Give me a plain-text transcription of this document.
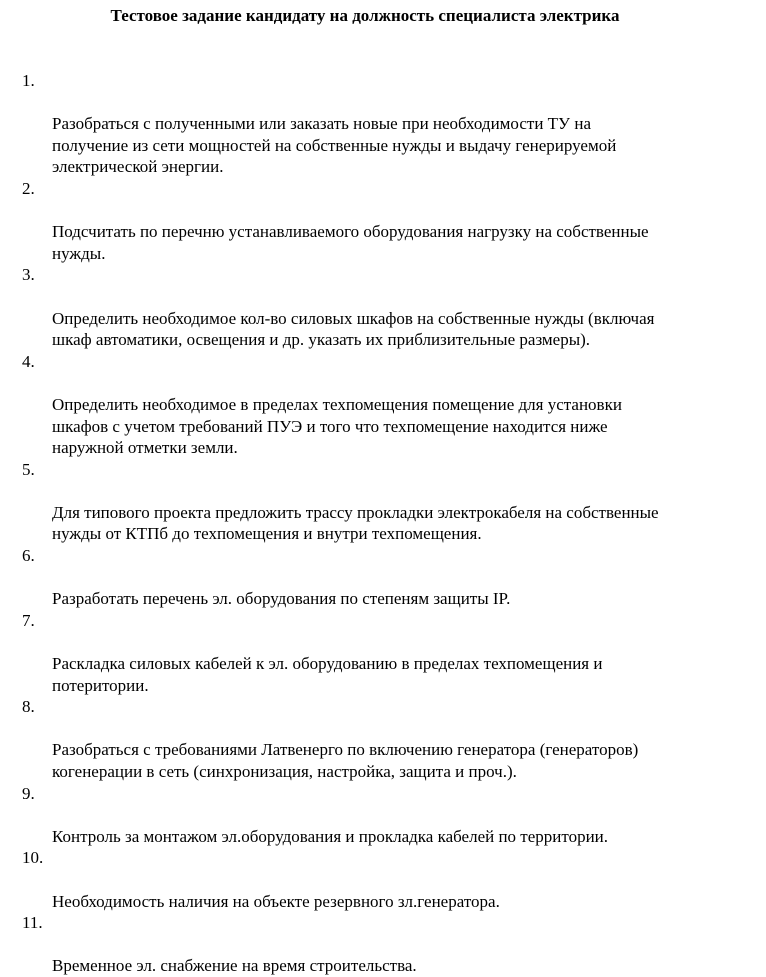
Тестовое задание кандидату на должность специалиста электрика

1.

Разобраться с полученными или заказать новые при необходимости ТУ на
получение из сети мощностей на собственные нужды и выдачу генерируемой
электрической энергии.

2.

Подсчитать по перечню устанавливаемого оборудования нагрузку на собственные
нужды.

3.

Определить необходимое кол-во силовых шкафов на собственные нужды (включая
шкаф автоматики, освещения и др. указать их приблизительные размеры).

4.

Определить необходимое в пределах техпомещения помещение для установки
шкафов с учетом требований ПУЭ и того что техпомещение находится ниже
наружной отметки земли.

5.

Для типового проекта предложить трассу прокладки электрокабеля на собственные
нужды от КТПб до техпомещения и внутри техпомещения.

6.

Разработать перечень эл. оборудования по степеням защиты IP.

7.

Раскладка силовых кабелей к эл. оборудованию в пределах техпомещения и
потеритории.

8.

Разобраться с требованиями Латвенерго по включению генератора (генераторов)
когенерации в сеть (синхронизация, настройка, защита и проч.).

9.

Контроль за монтажом эл.оборудования и прокладка кабелей по территории.

10.

Необходимость наличия на объекте резервного зл.генератора.

11.

Временное эл. снабжение на время строительства.
